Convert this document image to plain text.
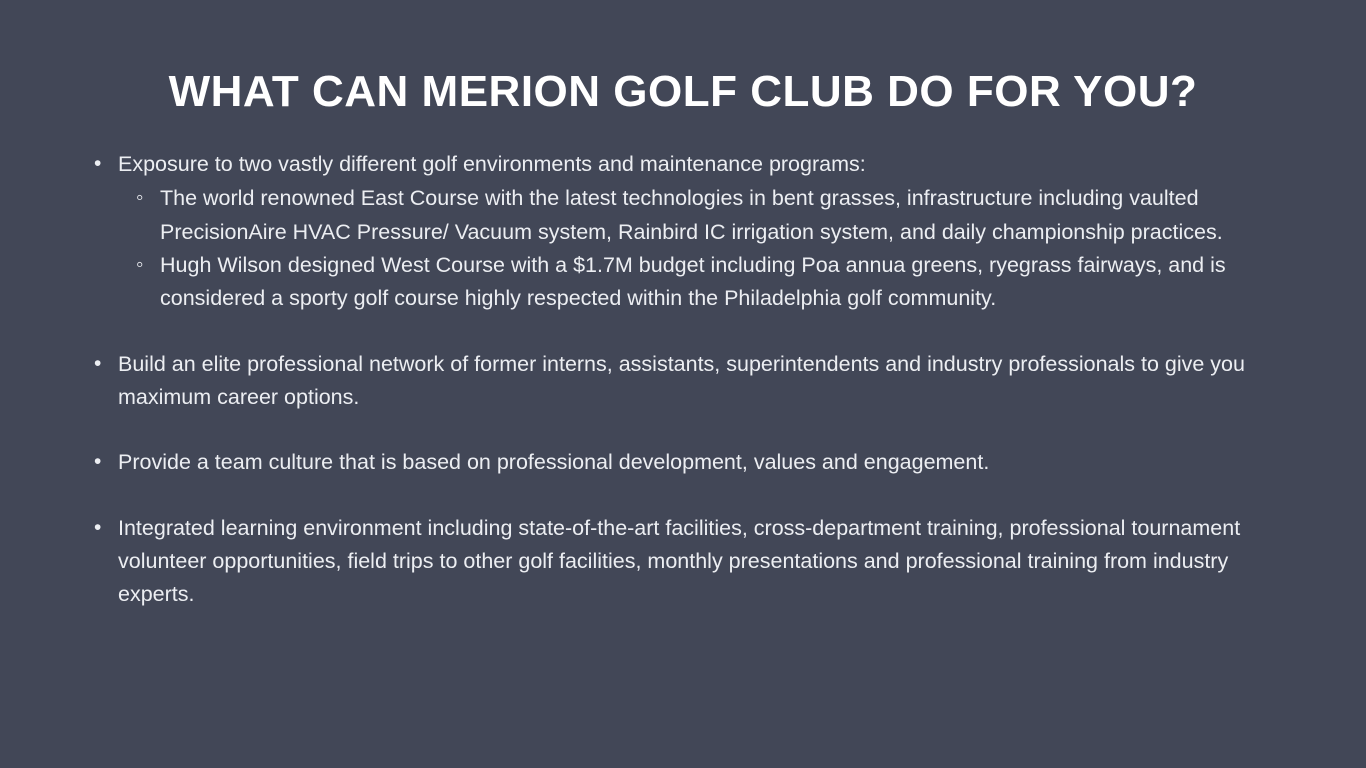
WHAT CAN MERION GOLF CLUB DO FOR YOU?
• Exposure to two vastly different golf environments and maintenance programs:
◦ The world renowned East Course with the latest technologies in bent grasses, infrastructure including vaulted PrecisionAire HVAC Pressure/ Vacuum system, Rainbird IC irrigation system, and daily championship practices.
◦ Hugh Wilson designed West Course with a $1.7M budget including Poa annua greens, ryegrass fairways, and is considered a sporty golf course highly respected within the Philadelphia golf community.
• Build an elite professional network of former interns, assistants, superintendents and industry professionals to give you maximum career options.
• Provide a team culture that is based on professional development, values and engagement.
• Integrated learning environment including state-of-the-art facilities, cross-department training, professional tournament volunteer opportunities, field trips to other golf facilities, monthly presentations and professional training from industry experts.
